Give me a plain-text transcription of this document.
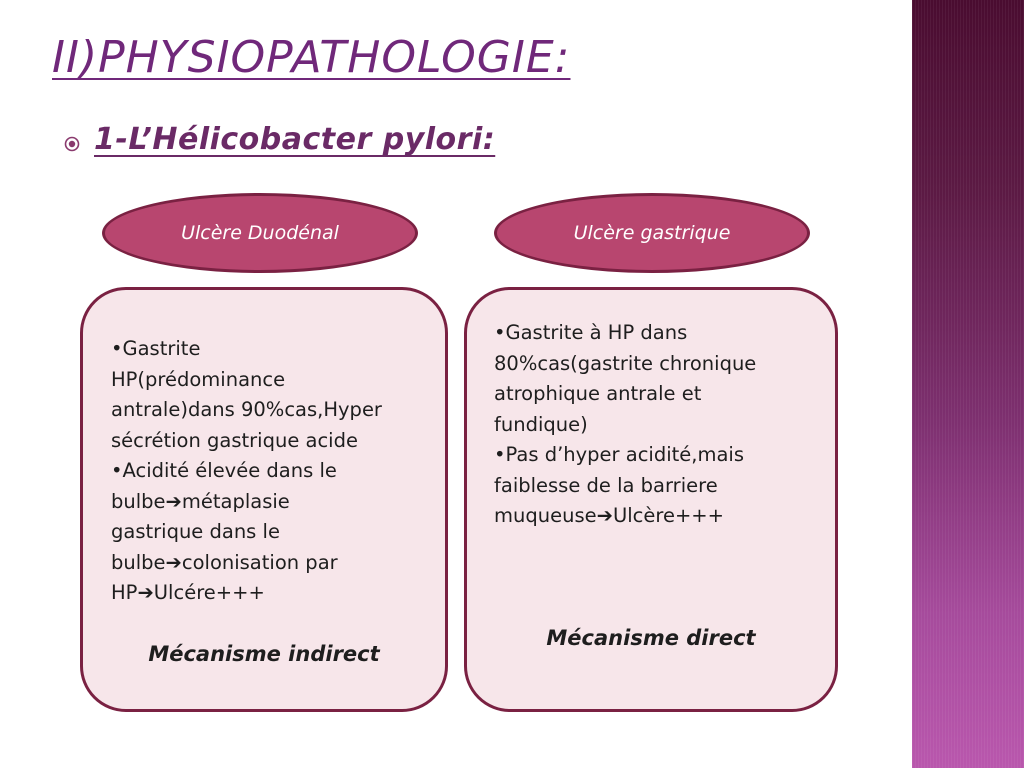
II)PHYSIOPATHOLOGIE:
1-L’Hélicobacter pylori:
Ulcère Duodénal	Ulcère gastrique

•Gastrite

HP(prédominance

antrale)dans 90%cas,Hyper

sécrétion gastrique acide

•Acidité élevée dans le

bulbe➔métaplasie

gastrique dans le

bulbe➔colonisation par

HP➔Ulcére+++

Mécanisme indirect

•Gastrite à HP dans

80%cas(gastrite chronique

atrophique antrale et

fundique)

•Pas d’hyper acidité,mais

faiblesse de la barriere

muqueuse➔Ulcère+++

Mécanisme direct
